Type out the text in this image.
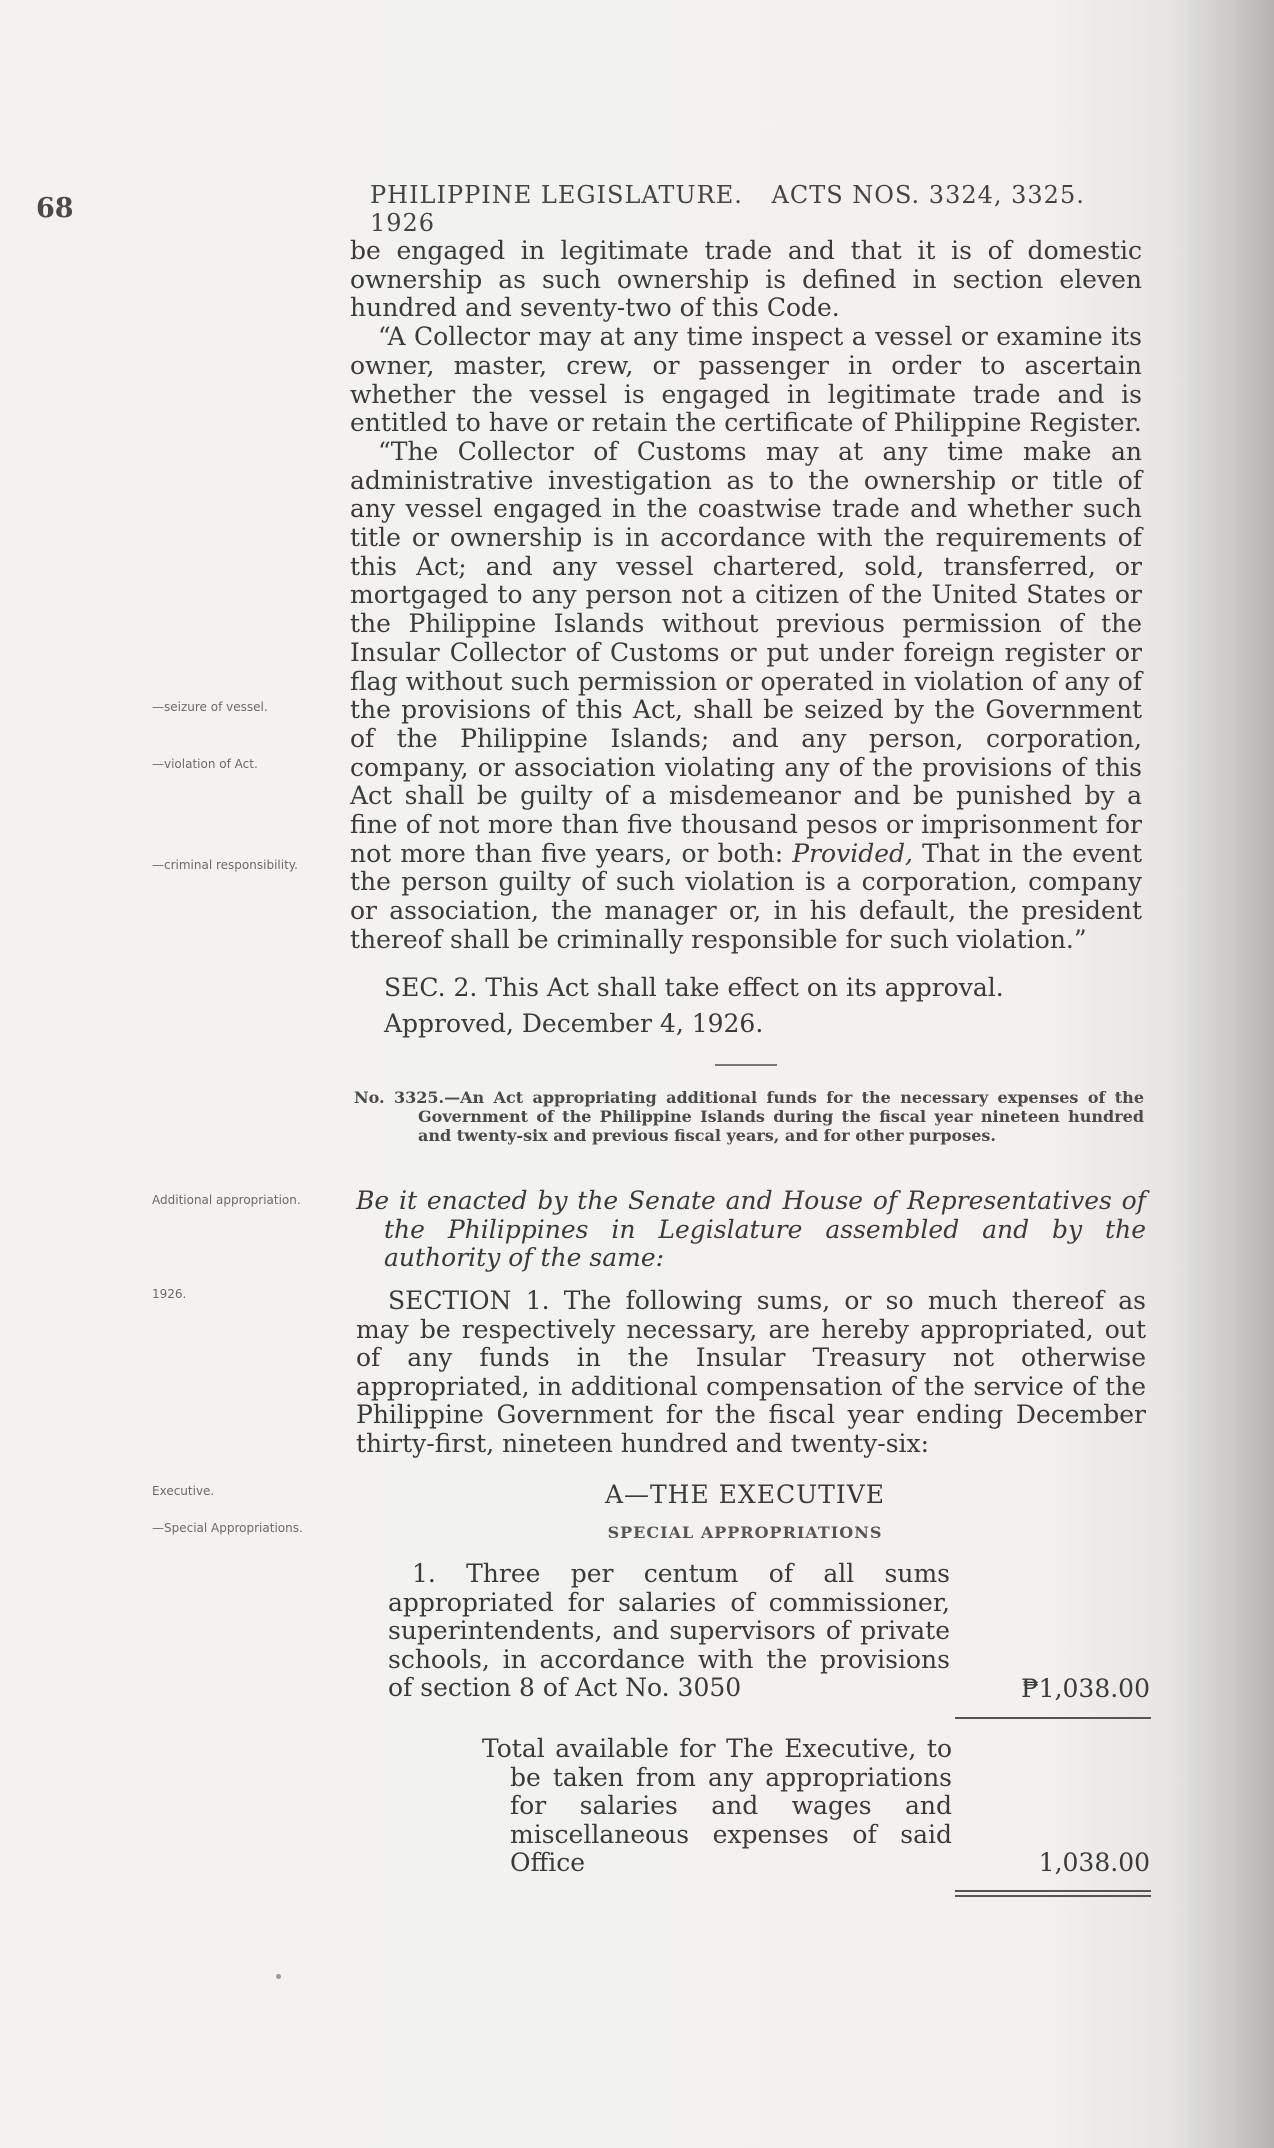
68	PHILIPPINE LEGISLATURE. ACTS NOS. 3324, 3325. 1926

be engaged in legitimate trade and that it is of domestic ownership as such ownership is defined in section eleven hundred and seventy-two of this Code.

“A Collector may at any time inspect a vessel or examine its owner, master, crew, or passenger in order to ascertain whether the vessel is engaged in legitimate trade and is entitled to have or retain the certificate of Philippine Register.

“The Collector of Customs may at any time make an administrative investigation as to the ownership or title of any vessel engaged in the coastwise trade and whether such title or ownership is in accordance with the requirements of this Act; and any vessel chartered, sold, transferred, or mortgaged to any person not a citizen of the United States or the Philippine Islands without previous permission of the Insular Collector of Customs or put under foreign register or flag without such permission or operated in violation of any of the provisions of this Act, shall be seized by the Government of the Philippine Islands; and any person, corporation, company, or association violating any of the provisions of this Act shall be guilty of a misdemeanor and be punished by a fine of not more than five thousand pesos or imprisonment for not more than five years, or both: Provided, That in the event the person guilty of such violation is a corporation, company or association, the manager or, in his default, the president thereof shall be criminally responsible for such violation.”

—seizure of vessel.
—violation of Act.
—criminal responsibility.
SEC. 2. This Act shall take effect on its approval.
Approved, December 4, 1926.
No. 3325.—An Act appropriating additional funds for the necessary expenses of the Government of the Philippine Islands during the fiscal year nineteen hundred and twenty-six and previous fiscal years, and for other purposes.
Additional appropriation.	Be it enacted by the Senate and House of Representatives of the Philippines in Legislature assembled and by the authority of the same:
1926.	SECTION 1. The following sums, or so much thereof as may be respectively necessary, are hereby appropriated, out of any funds in the Insular Treasury not otherwise appropriated, in additional compensation of the service of the Philippine Government for the fiscal year ending December thirty-first, nineteen hundred and twenty-six:
Executive.
—Special Appropriations.
A—THE EXECUTIVE
SPECIAL APPROPRIATIONS
1. Three per centum of all sums appropriated for salaries of commissioner, superintendents, and supervisors of private schools, in accordance with the provisions of section 8 of Act No. 3050	₱1,038.00
Total available for The Executive, to be taken from any appropriations for salaries and wages and miscellaneous expenses of said Office	1,038.00
